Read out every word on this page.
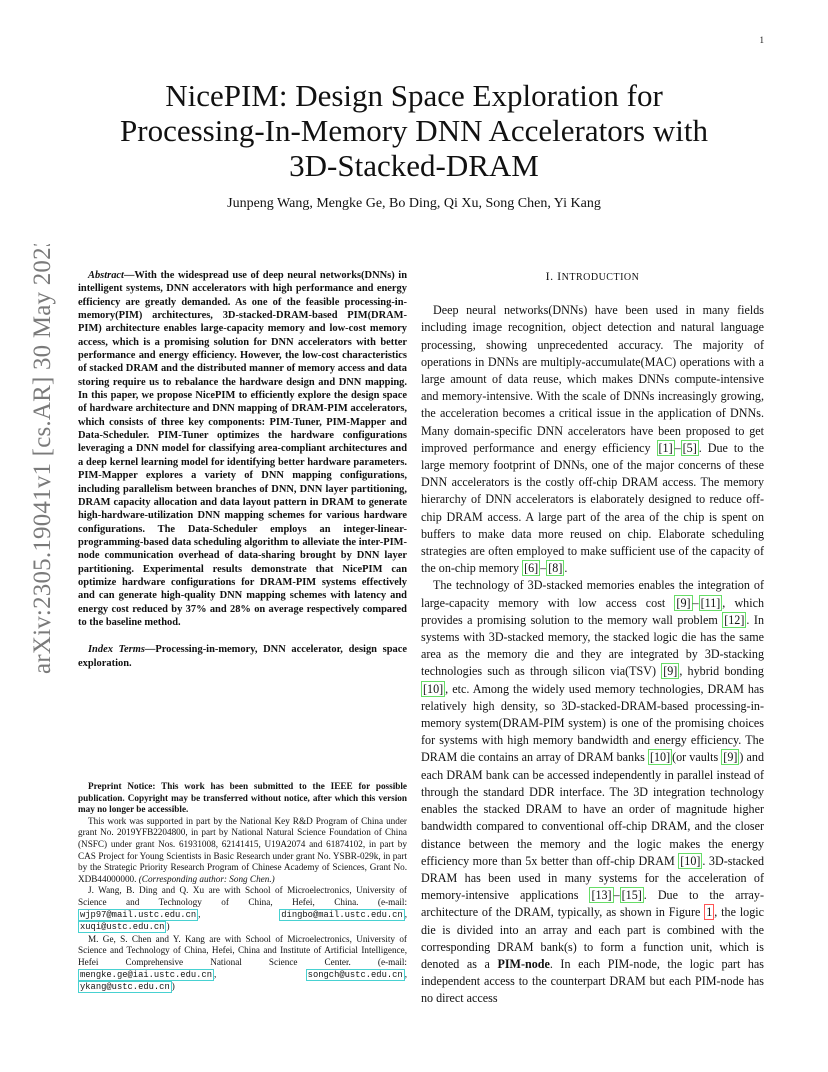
1
arXiv:2305.19041v1 [cs.AR] 30 May 2023
NicePIM: Design Space Exploration for
Processing-In-Memory DNN Accelerators with
3D-Stacked-DRAM
Junpeng Wang, Mengke Ge, Bo Ding, Qi Xu, Song Chen, Yi Kang

Abstract—With the widespread use of deep neural networks(DNNs) in intelligent systems, DNN accelerators with high performance and energy efficiency are greatly demanded. As one of the feasible processing-in-memory(PIM) architectures, 3D-stacked-DRAM-based PIM(DRAM-PIM) architecture enables large-capacity memory and low-cost memory access, which is a promising solution for DNN accelerators with better performance and energy efficiency. However, the low-cost characteristics of stacked DRAM and the distributed manner of memory access and data storing require us to rebalance the hardware design and DNN mapping. In this paper, we propose NicePIM to efficiently explore the design space of hardware architecture and DNN mapping of DRAM-PIM accelerators, which consists of three key components: PIM-Tuner, PIM-Mapper and Data-Scheduler. PIM-Tuner optimizes the hardware configurations leveraging a DNN model for classifying area-compliant architectures and a deep kernel learning model for identifying better hardware parameters. PIM-Mapper explores a variety of DNN mapping configurations, including parallelism between branches of DNN, DNN layer partitioning, DRAM capacity allocation and data layout pattern in DRAM to generate high-hardware-utilization DNN mapping schemes for various hardware configurations. The Data-Scheduler employs an integer-linear-programming-based data scheduling algorithm to alleviate the inter-PIM-node communication overhead of data-sharing brought by DNN layer partitioning. Experimental results demonstrate that NicePIM can optimize hardware configurations for DRAM-PIM systems effectively and can generate high-quality DNN mapping schemes with latency and energy cost reduced by 37% and 28% on average respectively compared to the baseline method.

Index Terms—Processing-in-memory, DNN accelerator, design space exploration.

Preprint Notice: This work has been submitted to the IEEE for possible publication. Copyright may be transferred without notice, after which this version may no longer be accessible.

This work was supported in part by the National Key R&D Program of China under grant No. 2019YFB2204800, in part by National Natural Science Foundation of China (NSFC) under grant Nos. 61931008, 62141415, U19A2074 and 61874102, in part by CAS Project for Young Scientists in Basic Research under grant No. YSBR-029k, in part by the Strategic Priority Research Program of Chinese Academy of Sciences, Grant No. XDB44000000. (Corresponding author: Song Chen.)

J. Wang, B. Ding and Q. Xu are with School of Microelectronics, University of Science and Technology of China, Hefei, China. (e-mail: wjp97@mail.ustc.edu.cn , dingbo@mail.ustc.edu.cn , xuqi@ustc.edu.cn )

M. Ge, S. Chen and Y. Kang are with School of Microelectronics, University of Science and Technology of China, Hefei, China and Institute of Artificial Intelligence, Hefei Comprehensive National Science Center. (e-mail: mengke.ge@iai.ustc.edu.cn , songch@ustc.edu.cn , ykang@ustc.edu.cn )

I. INTRODUCTION

Deep neural networks(DNNs) have been used in many fields including image recognition, object detection and natural language processing, showing unprecedented accuracy. The majority of operations in DNNs are multiply-accumulate(MAC) operations with a large amount of data reuse, which makes DNNs compute-intensive and memory-intensive. With the scale of DNNs increasingly growing, the acceleration becomes a critical issue in the application of DNNs. Many domain-specific DNN accelerators have been proposed to get improved performance and energy efficiency [1] – [5] . Due to the large memory footprint of DNNs, one of the major concerns of these DNN accelerators is the costly off-chip DRAM access. The memory hierarchy of DNN accelerators is elaborately designed to reduce off-chip DRAM access. A large part of the area of the chip is spent on buffers to make data more reused on chip. Elaborate scheduling strategies are often employed to make sufficient use of the capacity of the on-chip memory [6] – [8] .

The technology of 3D-stacked memories enables the integration of large-capacity memory with low access cost [9] – [11] , which provides a promising solution to the memory wall problem [12] . In systems with 3D-stacked memory, the stacked logic die has the same area as the memory die and they are integrated by 3D-stacking technologies such as through silicon via(TSV) [9] , hybrid bonding [10] , etc. Among the widely used memory technologies, DRAM has relatively high density, so 3D-stacked-DRAM-based processing-in-memory system(DRAM-PIM system) is one of the promising choices for systems with high memory bandwidth and energy efficiency. The DRAM die contains an array of DRAM banks [10] (or vaults [9] ) and each DRAM bank can be accessed independently in parallel instead of through the standard DDR interface. The 3D integration technology enables the stacked DRAM to have an order of magnitude higher bandwidth compared to conventional off-chip DRAM, and the closer distance between the memory and the logic makes the energy efficiency more than 5x better than off-chip DRAM [10] . 3D-stacked DRAM has been used in many systems for the acceleration of memory-intensive applications [13] – [15] . Due to the array-architecture of the DRAM, typically, as shown in Figure 1 , the logic die is divided into an array and each part is combined with the corresponding DRAM bank(s) to form a function unit, which is denoted as a PIM-node. In each PIM-node, the logic part has independent access to the counterpart DRAM but each PIM-node has no direct access
